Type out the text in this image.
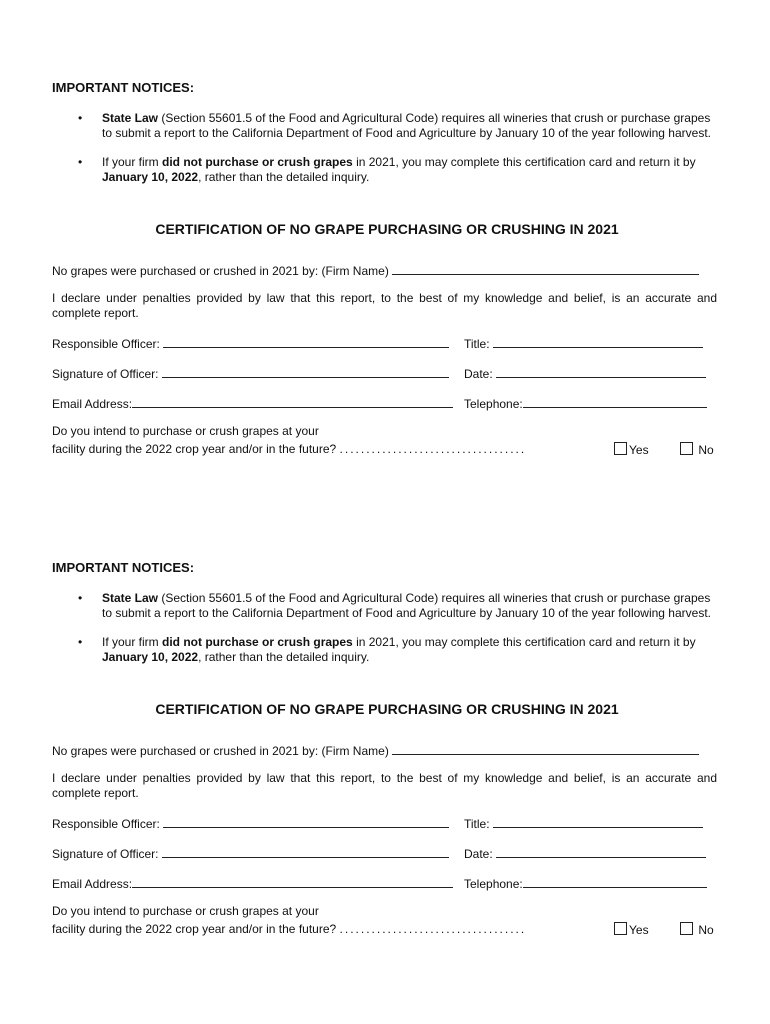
IMPORTANT NOTICES:

• State Law (Section 55601.5 of the Food and Agricultural Code) requires all wineries that crush or purchase grapes to submit a report to the California Department of Food and Agriculture by January 10 of the year following harvest.
• If your firm did not purchase or crush grapes in 2021, you may complete this certification card and return it by January 10, 2022, rather than the detailed inquiry.
CERTIFICATION OF NO GRAPE PURCHASING OR CRUSHING IN 2021
No grapes were purchased or crushed in 2021 by: (Firm Name)
I declare under penalties provided by law that this report, to the best of my knowledge and belief, is an accurate and complete report.
Responsible Officer:	Title:
Signature of Officer:	Date:
Email Address:	Telephone:
Do you intend to purchase or crush grapes at your
facility during the 2022 crop year and/or in the future? ...................................	Yes	No

IMPORTANT NOTICES:

• State Law (Section 55601.5 of the Food and Agricultural Code) requires all wineries that crush or purchase grapes to submit a report to the California Department of Food and Agriculture by January 10 of the year following harvest.
• If your firm did not purchase or crush grapes in 2021, you may complete this certification card and return it by January 10, 2022, rather than the detailed inquiry.
CERTIFICATION OF NO GRAPE PURCHASING OR CRUSHING IN 2021
No grapes were purchased or crushed in 2021 by: (Firm Name)
I declare under penalties provided by law that this report, to the best of my knowledge and belief, is an accurate and complete report.
Responsible Officer:	Title:
Signature of Officer:	Date:
Email Address:	Telephone:
Do you intend to purchase or crush grapes at your
facility during the 2022 crop year and/or in the future? ...................................	Yes	No
